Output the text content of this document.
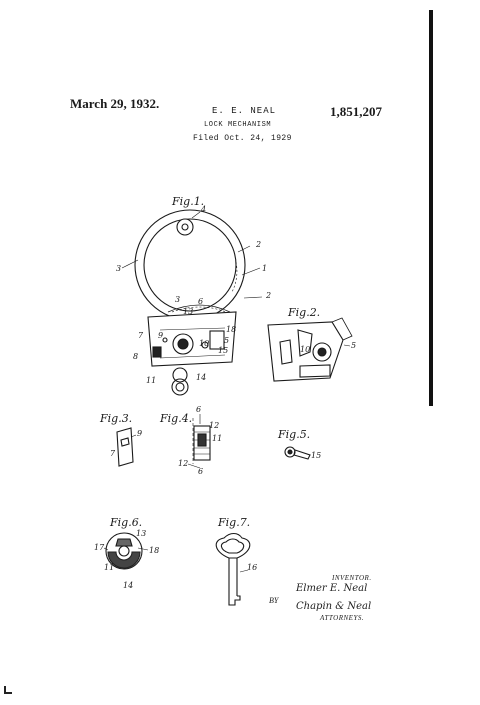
March 29, 1932.	E. E. NEAL	1,851,207
LOCK MECHANISM
Filed Oct. 24, 1929
Fig.1.
Fig.2.
Fig.3.	Fig.4.
Fig.5.
Fig.6.	Fig.7.
4
2
3	1
2
3 6
13
7 9
18
10 5
15
8
11	14
10	5
9
7
6
12
11
12
6
15
13
17	18
11
14
16
INVENTOR.
Elmer E. Neal
BY
Chapin & Neal
ATTORNEYS.
